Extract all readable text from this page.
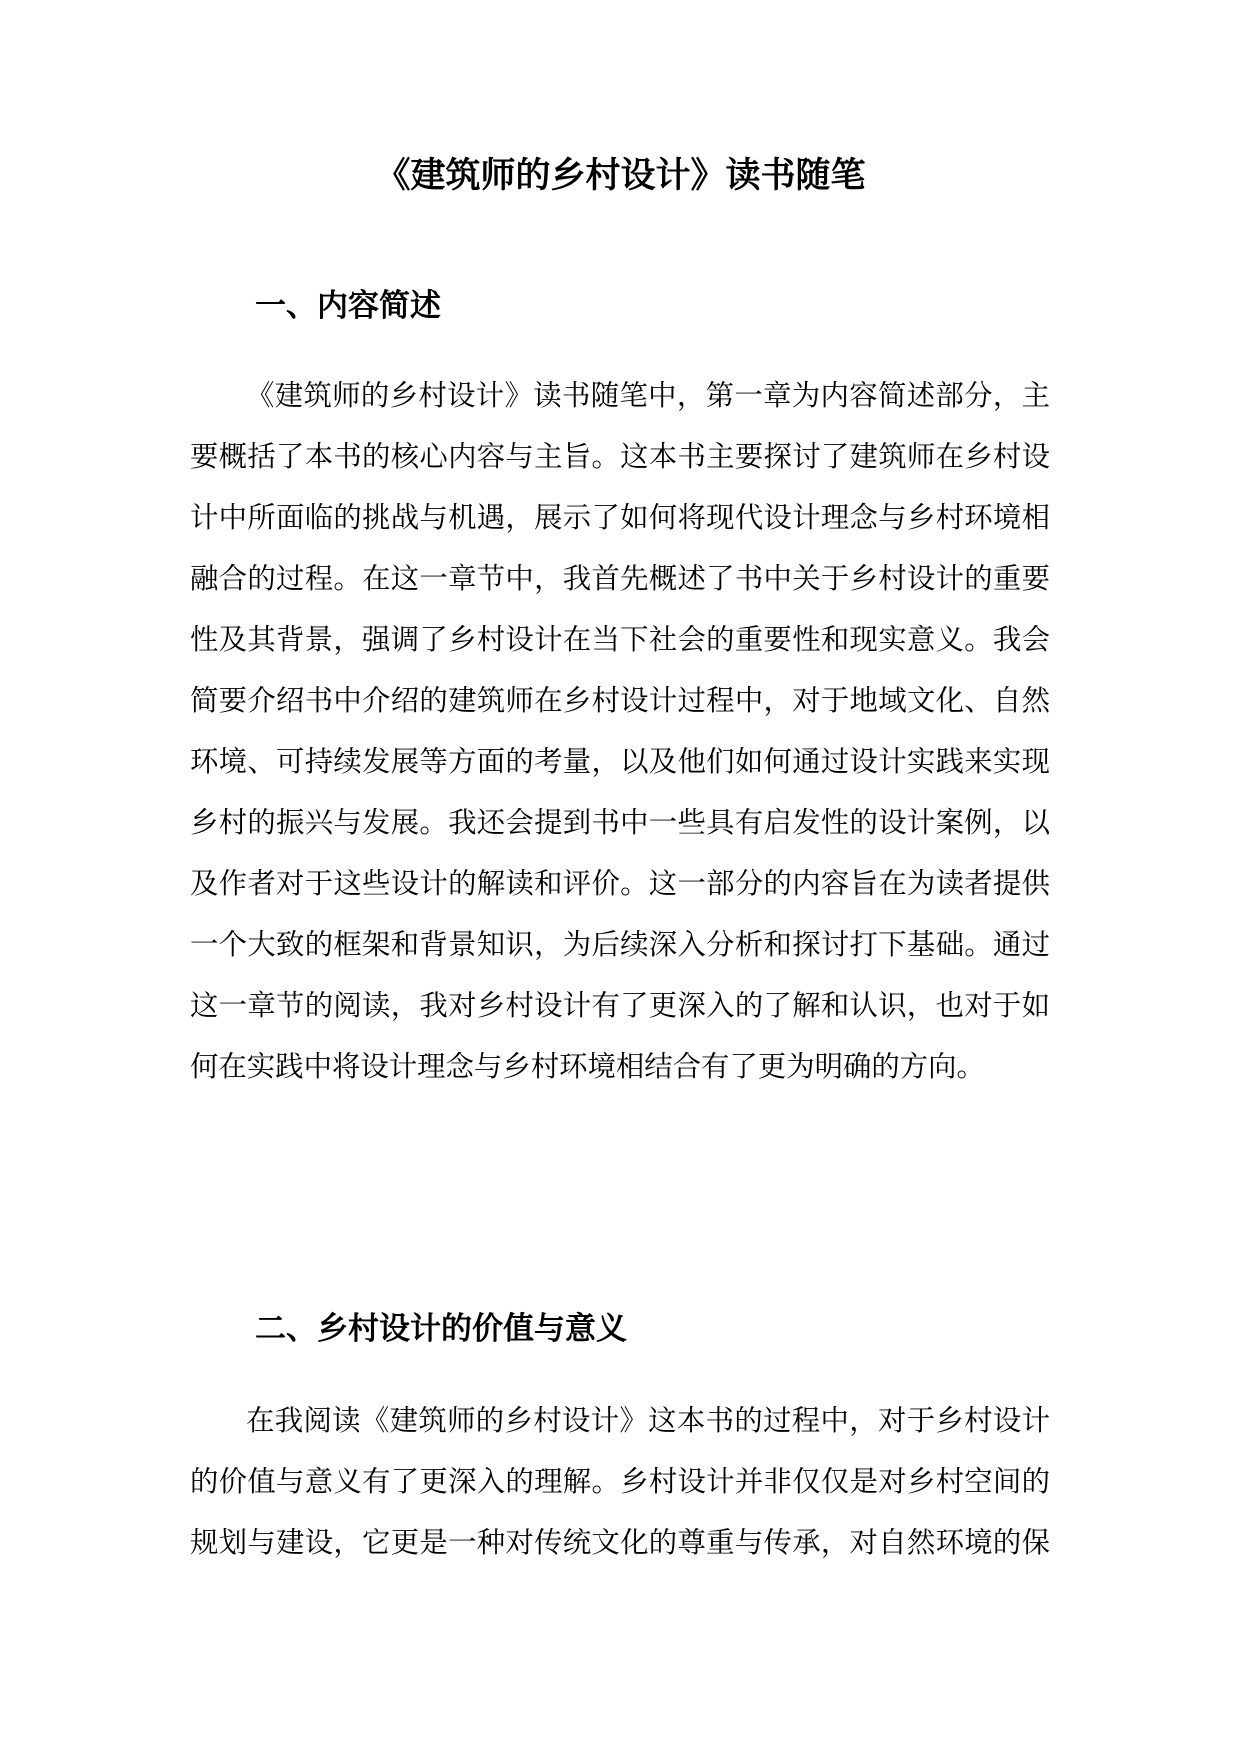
《建筑师的乡村设计》读书随笔
一、内容简述
《建筑师的乡村设计》读书随笔中，第一章为内容简述部分，主
要概括了本书的核心内容与主旨。这本书主要探讨了建筑师在乡村设
计中所面临的挑战与机遇，展示了如何将现代设计理念与乡村环境相
融合的过程。在这一章节中，我首先概述了书中关于乡村设计的重要
性及其背景，强调了乡村设计在当下社会的重要性和现实意义。我会
简要介绍书中介绍的建筑师在乡村设计过程中，对于地域文化、自然
环境、可持续发展等方面的考量，以及他们如何通过设计实践来实现
乡村的振兴与发展。我还会提到书中一些具有启发性的设计案例，以
及作者对于这些设计的解读和评价。这一部分的内容旨在为读者提供
一个大致的框架和背景知识，为后续深入分析和探讨打下基础。通过
这一章节的阅读，我对乡村设计有了更深入的了解和认识，也对于如
何在实践中将设计理念与乡村环境相结合有了更为明确的方向。
二、乡村设计的价值与意义
在我阅读《建筑师的乡村设计》这本书的过程中，对于乡村设计
的价值与意义有了更深入的理解。乡村设计并非仅仅是对乡村空间的
规划与建设，它更是一种对传统文化的尊重与传承，对自然环境的保
